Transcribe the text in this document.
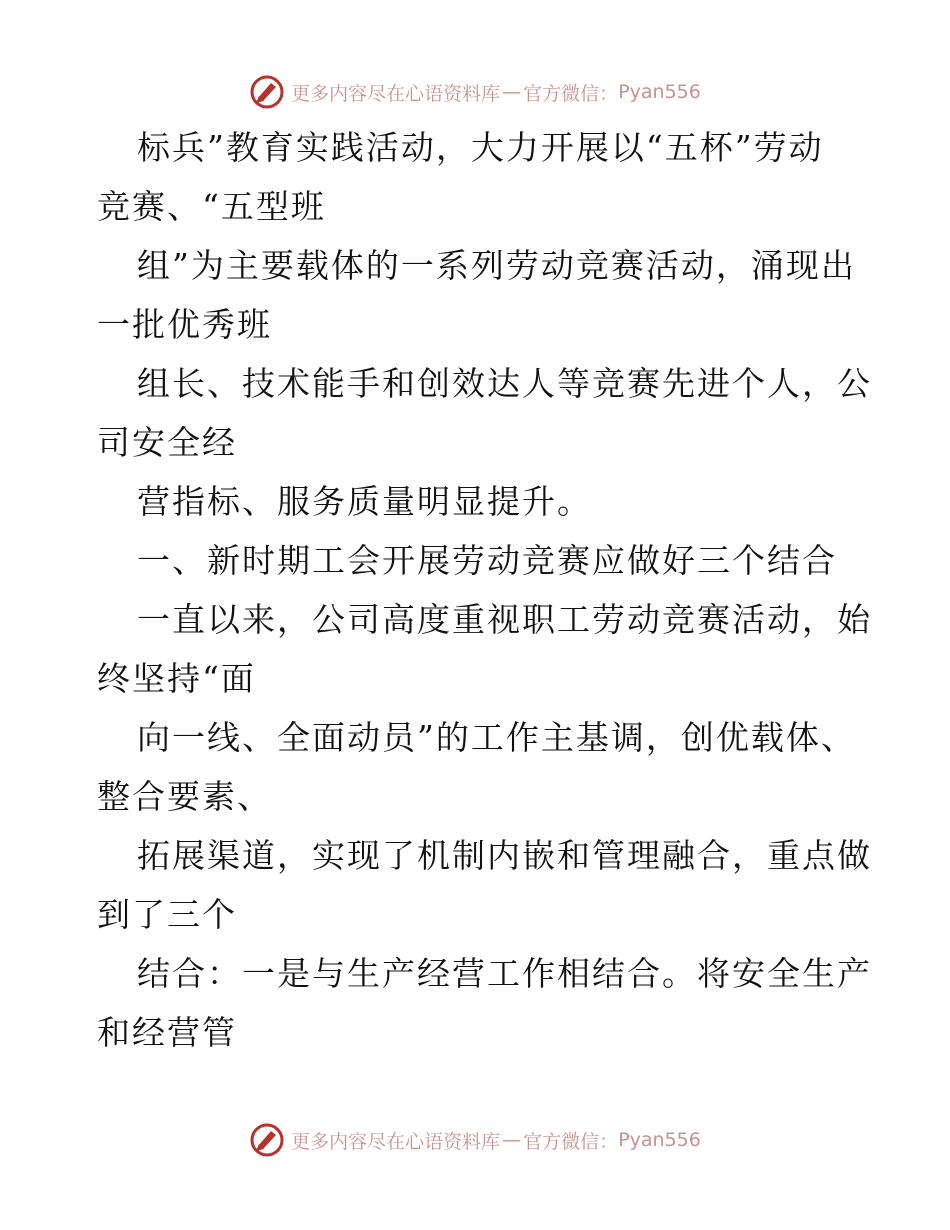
更多内容尽在心语资料库 — 官方微信： Pyan556
标兵”教育实践活动，大力开展以“五杯”劳动
竞赛、“五型班
组”为主要载体的一系列劳动竞赛活动，涌现出
一批优秀班
组长、技术能手和创效达人等竞赛先进个人，公
司安全经
营指标、服务质量明显提升。
一、新时期工会开展劳动竞赛应做好三个结合
一直以来，公司高度重视职工劳动竞赛活动，始
终坚持“面
向一线、全面动员”的工作主基调，创优载体、
整合要素、
拓展渠道，实现了机制内嵌和管理融合，重点做
到了三个
结合：一是与生产经营工作相结合。将安全生产
和经营管
更多内容尽在心语资料库 — 官方微信： Pyan556
